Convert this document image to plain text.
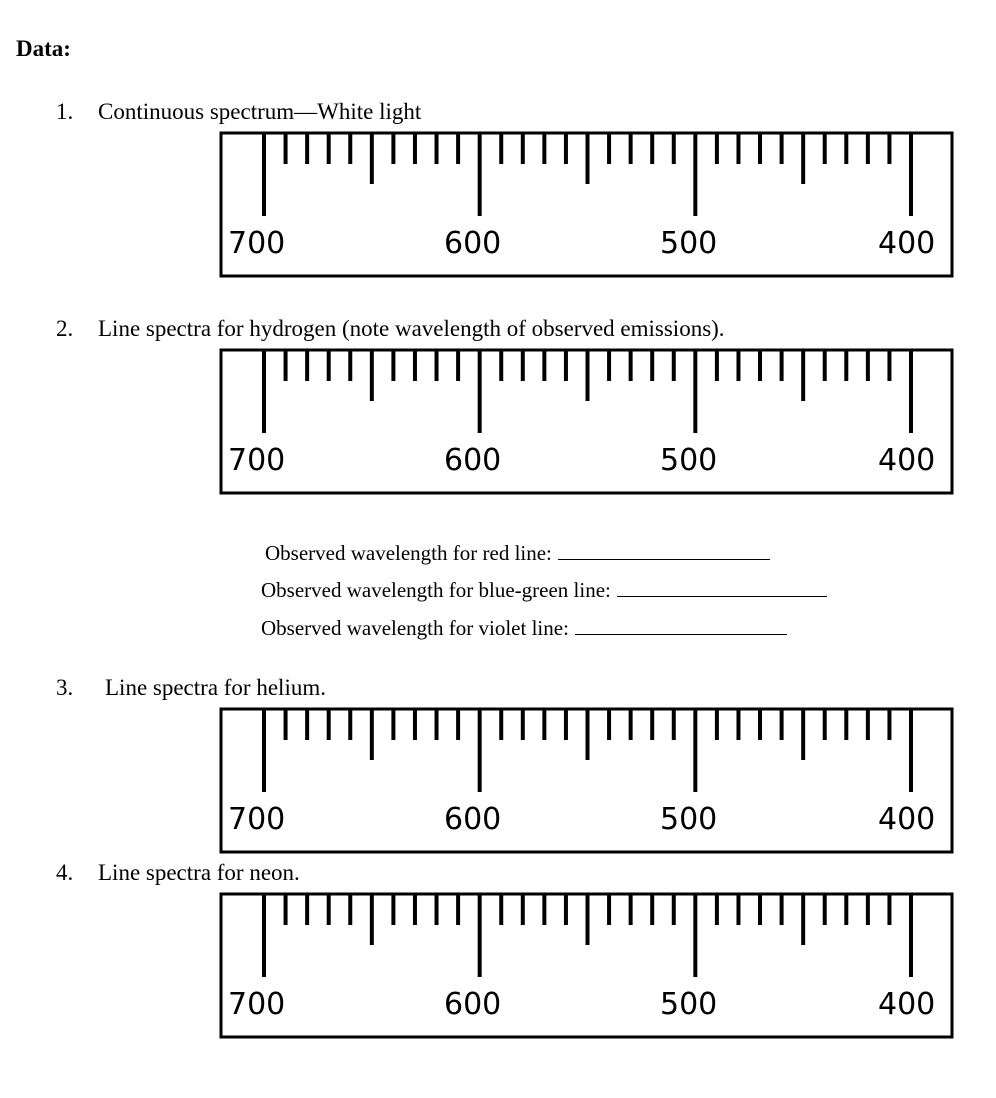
Data:
1. Continuous spectrum—White light
700	600	500	400
2. Line spectra for hydrogen (note wavelength of observed emissions).
700	600	500	400
Observed wavelength for red line:
Observed wavelength for blue-green line:
Observed wavelength for violet line:
3. Line spectra for helium.
700	600	500	400
4. Line spectra for neon.
700	600	500	400
